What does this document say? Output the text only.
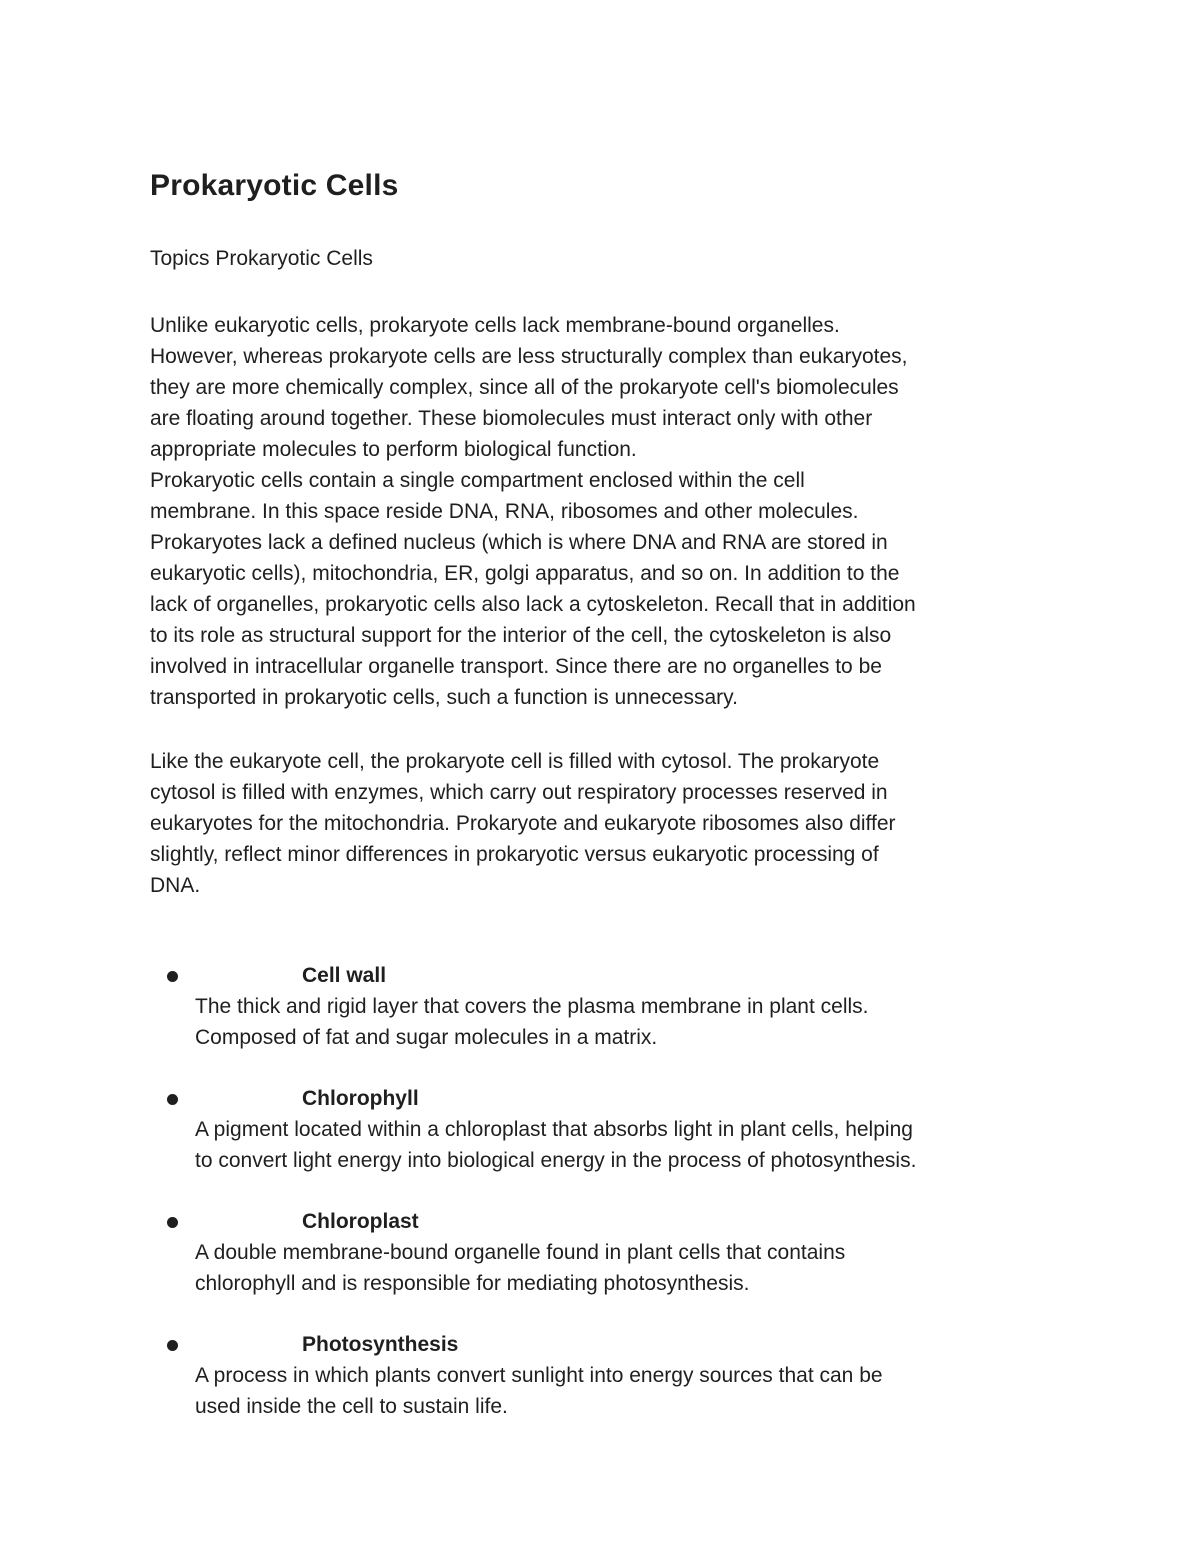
Prokaryotic Cells

Topics Prokaryotic Cells

Unlike eukaryotic cells, prokaryote cells lack membrane-bound organelles.
However, whereas prokaryote cells are less structurally complex than eukaryotes,
they are more chemically complex, since all of the prokaryote cell's biomolecules
are floating around together. These biomolecules must interact only with other
appropriate molecules to perform biological function.

Prokaryotic cells contain a single compartment enclosed within the cell
membrane. In this space reside DNA, RNA, ribosomes and other molecules.
Prokaryotes lack a defined nucleus (which is where DNA and RNA are stored in
eukaryotic cells), mitochondria, ER, golgi apparatus, and so on. In addition to the
lack of organelles, prokaryotic cells also lack a cytoskeleton. Recall that in addition
to its role as structural support for the interior of the cell, the cytoskeleton is also
involved in intracellular organelle transport. Since there are no organelles to be
transported in prokaryotic cells, such a function is unnecessary.

Like the eukaryote cell, the prokaryote cell is filled with cytosol. The prokaryote
cytosol is filled with enzymes, which carry out respiratory processes reserved in
eukaryotes for the mitochondria. Prokaryote and eukaryote ribosomes also differ
slightly, reflect minor differences in prokaryotic versus eukaryotic processing of
DNA.

Cell wall

The thick and rigid layer that covers the plasma membrane in plant cells.
Composed of fat and sugar molecules in a matrix.

Chlorophyll

A pigment located within a chloroplast that absorbs light in plant cells, helping
to convert light energy into biological energy in the process of photosynthesis.

Chloroplast

A double membrane-bound organelle found in plant cells that contains
chlorophyll and is responsible for mediating photosynthesis.

Photosynthesis

A process in which plants convert sunlight into energy sources that can be
used inside the cell to sustain life.
